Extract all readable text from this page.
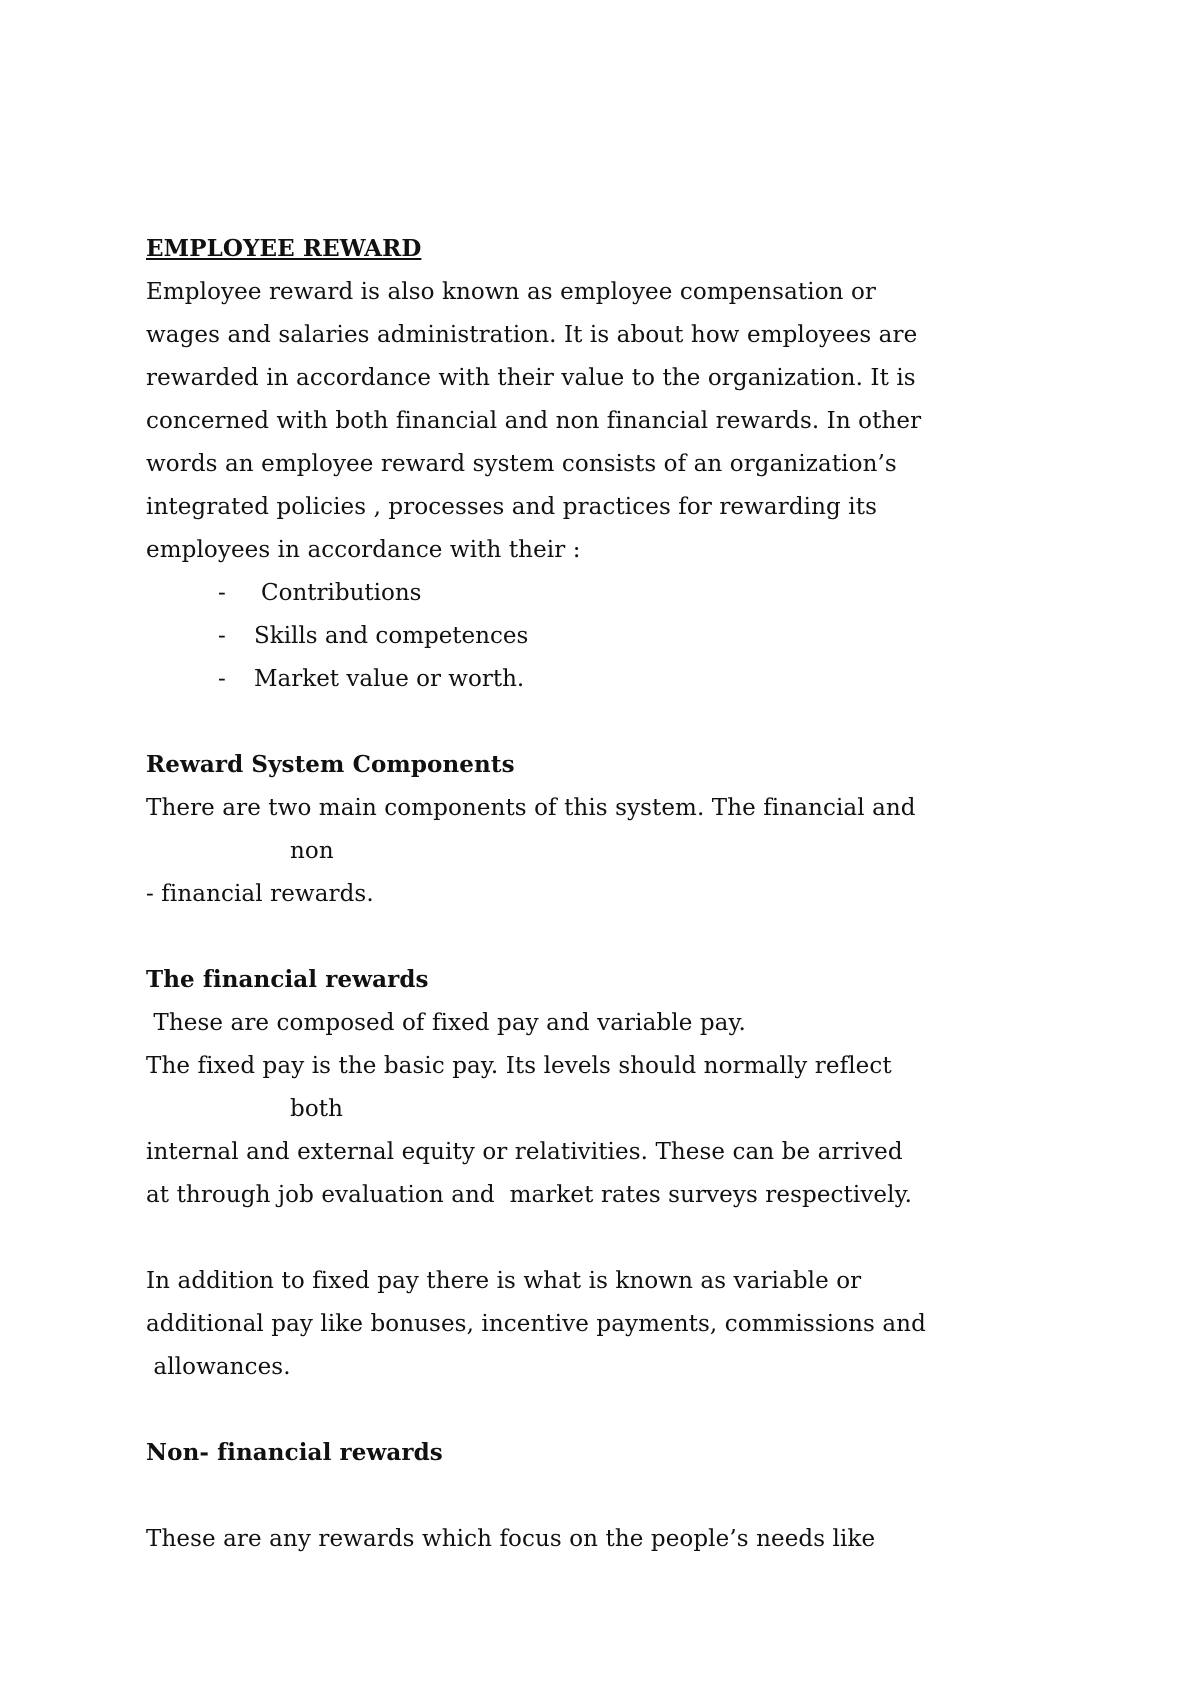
EMPLOYEE REWARD
Employee reward is also known as employee compensation or
wages and salaries administration. It is about how employees are
rewarded in accordance with their value to the organization. It is
concerned with both financial and non financial rewards. In other
words an employee reward system consists of an organization’s
integrated policies , processes and practices for rewarding its
employees in accordance with their :
- Contributions
- Skills and competences
- Market value or worth.
Reward System Components
There are two main components of this system. The financial and
non
- financial rewards.
The financial rewards
These are composed of fixed pay and variable pay.
The fixed pay is the basic pay. Its levels should normally reflect
both
internal and external equity or relativities. These can be arrived
at through job evaluation and  market rates surveys respectively.
In addition to fixed pay there is what is known as variable or
additional pay like bonuses, incentive payments, commissions and
allowances.
Non- financial rewards
These are any rewards which focus on the people’s needs like
